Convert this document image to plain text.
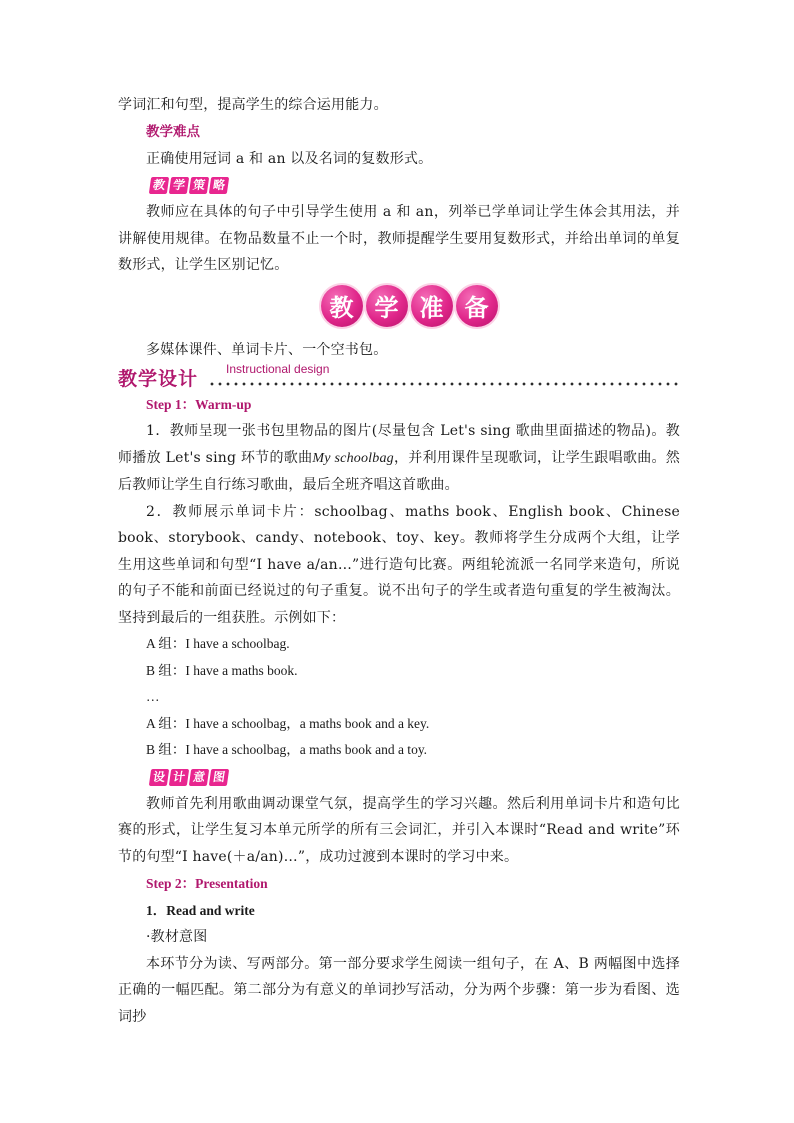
学词汇和句型，提高学生的综合运用能力。

教学难点

正确使用冠词 a 和 an 以及名词的复数形式。

教 学 策 略

教师应在具体的句子中引导学生使用 a 和 an，列举已学单词让学生体会其用法，并讲解使用规律。在物品数量不止一个时，教师提醒学生要用复数形式，并给出单词的单复数形式，让学生区别记忆。

教 学 准 备

多媒体课件、单词卡片、一个空书包。

教学设计 Instructional design

Step 1：Warm-up

1．教师呈现一张书包里物品的图片(尽量包含 Let's sing 歌曲里面描述的物品)。教师播放 Let's sing 环节的歌曲My schoolbag，并利用课件呈现歌词，让学生跟唱歌曲。然后教师让学生自行练习歌曲，最后全班齐唱这首歌曲。

2．教师展示单词卡片：schoolbag、maths book、English book、Chinese book、storybook、candy、notebook、toy、key。教师将学生分成两个大组，让学生用这些单词和句型“I have a/an…”进行造句比赛。两组轮流派一名同学来造句，所说的句子不能和前面已经说过的句子重复。说不出句子的学生或者造句重复的学生被淘汰。坚持到最后的一组获胜。示例如下：

A 组：I have a schoolbag.

B 组：I have a maths book.

…

A 组：I have a schoolbag，a maths book and a key.

B 组：I have a schoolbag，a maths book and a toy.

设 计 意 图

教师首先利用歌曲调动课堂气氛，提高学生的学习兴趣。然后利用单词卡片和造句比赛的形式，让学生复习本单元所学的所有三会词汇，并引入本课时“Read and write”环节的句型“I have(＋a/an)…”，成功过渡到本课时的学习中来。

Step 2：Presentation

1．Read and write

·教材意图

本环节分为读、写两部分。第一部分要求学生阅读一组句子，在 A、B 两幅图中选择正确的一幅匹配。第二部分为有意义的单词抄写活动，分为两个步骤：第一步为看图、选词抄
